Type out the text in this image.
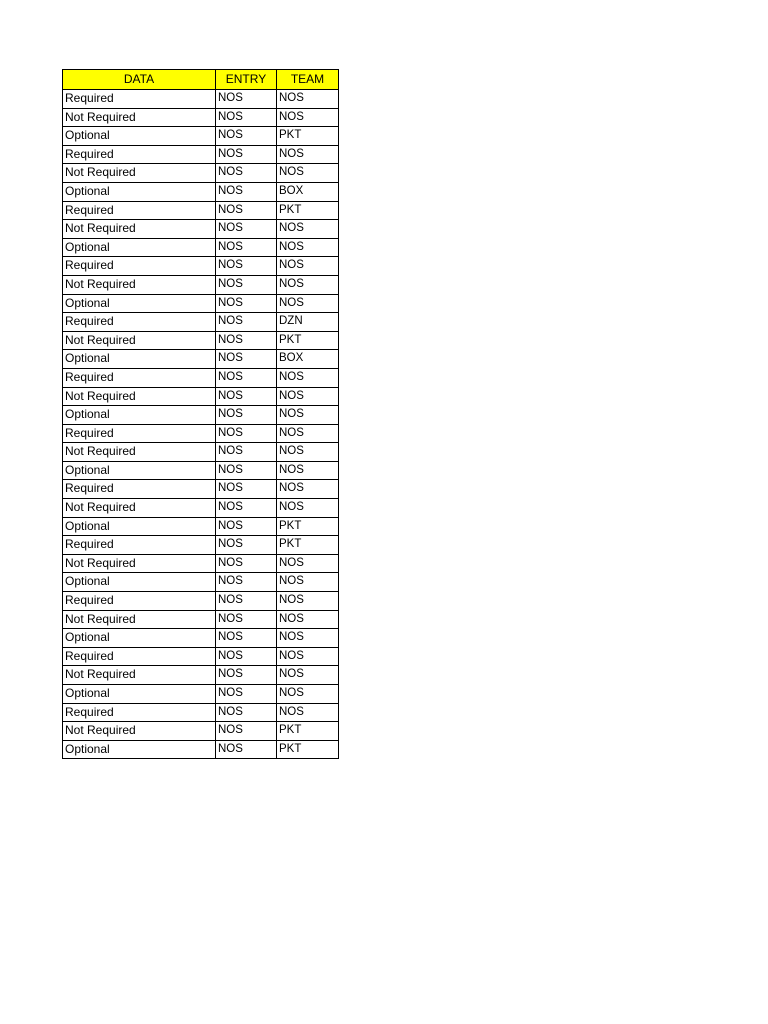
DATA	ENTRY	TEAM
Required	NOS	NOS
Not Required	NOS	NOS
Optional	NOS	PKT
Required	NOS	NOS
Not Required	NOS	NOS
Optional	NOS	BOX
Required	NOS	PKT
Not Required	NOS	NOS
Optional	NOS	NOS
Required	NOS	NOS
Not Required	NOS	NOS
Optional	NOS	NOS
Required	NOS	DZN
Not Required	NOS	PKT
Optional	NOS	BOX
Required	NOS	NOS
Not Required	NOS	NOS
Optional	NOS	NOS
Required	NOS	NOS
Not Required	NOS	NOS
Optional	NOS	NOS
Required	NOS	NOS
Not Required	NOS	NOS
Optional	NOS	PKT
Required	NOS	PKT
Not Required	NOS	NOS
Optional	NOS	NOS
Required	NOS	NOS
Not Required	NOS	NOS
Optional	NOS	NOS
Required	NOS	NOS
Not Required	NOS	NOS
Optional	NOS	NOS
Required	NOS	NOS
Not Required	NOS	PKT
Optional	NOS	PKT
